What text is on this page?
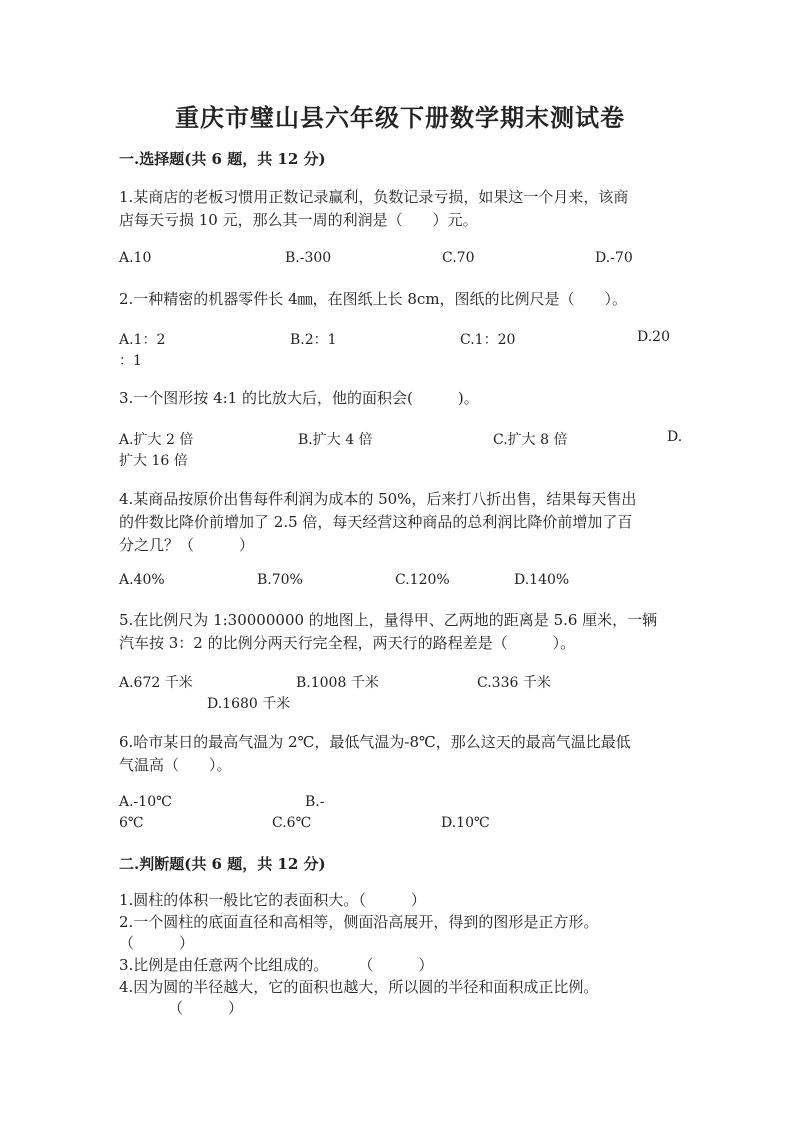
重庆市璧山县六年级下册数学期末测试卷
一.选择题(共 6 题，共 12 分)
1.某商店的老板习惯用正数记录赢利，负数记录亏损，如果这一个月来，该商
店每天亏损 10 元，那么其一周的利润是（　　）元。
A.10	B.-300	C.70	D.-70
2.一种精密的机器零件长 4㎜，在图纸上长 8cm，图纸的比例尺是（　　）。
A.1：2	B.2：1	C.1：20	D.20
：1
3.一个图形按 4:1 的比放大后，他的面积会(　　　)。
A.扩大 2 倍	B.扩大 4 倍	C.扩大 8 倍	D.
扩大 16 倍
4.某商品按原价出售每件利润为成本的 50%，后来打八折出售，结果每天售出
的件数比降价前增加了 2.5 倍，每天经营这种商品的总利润比降价前增加了百
分之几？（　　　）
A.40%	B.70%	C.120%	D.140%
5.在比例尺为 1:30000000 的地图上，量得甲、乙两地的距离是 5.6 厘米，一辆
汽车按 3：2 的比例分两天行完全程，两天行的路程差是（　　　）。
A.672 千米	B.1008 千米	C.336 千米
D.1680 千米
6.哈市某日的最高气温为 2℃，最低气温为-8℃，那么这天的最高气温比最低
气温高（　　）。
A.-10℃	B.-
6℃	C.6℃	D.10℃
二.判断题(共 6 题，共 12 分)
1.圆柱的体积一般比它的表面积大。（　　　）
2.一个圆柱的底面直径和高相等，侧面沿高展开，得到的图形是正方形。
（　　　）
3.比例是由任意两个比组成的。　　　（　　　）
4.因为圆的半径越大，它的面积也越大，所以圆的半径和面积成正比例。
（　　　）
